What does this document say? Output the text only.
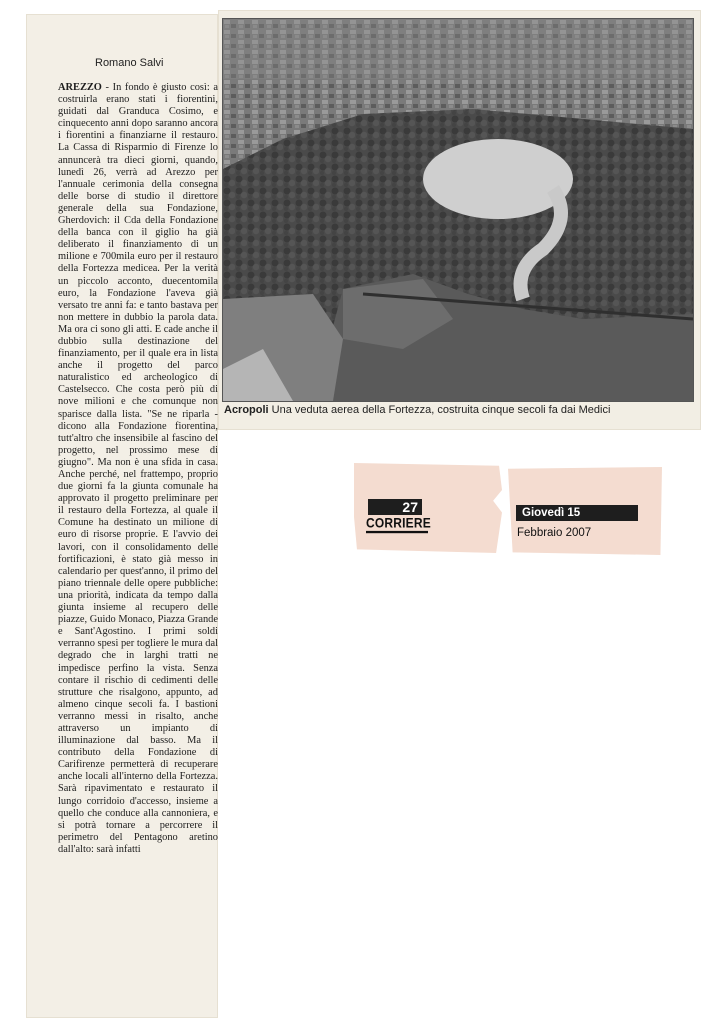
Romano Salvi
AREZZO - In fondo è giusto così: a costruirla erano stati i fiorentini, guidati dal Granduca Cosimo, e cinquecento anni dopo saranno ancora i fiorentini a finanziarne il restauro. La Cassa di Risparmio di Firenze lo annuncerà tra dieci giorni, quando, lunedì 26, verrà ad Arezzo per l'annuale cerimonia della consegna delle borse di studio il direttore generale della sua Fondazione, Gherdovich: il Cda della Fondazione della banca con il giglio ha già deliberato il finanziamento di un milione e 700mila euro per il restauro della Fortezza medicea. Per la verità un piccolo acconto, duecentomila euro, la Fondazione l'aveva già versato tre anni fa: e tanto bastava per non mettere in dubbio la parola data. Ma ora ci sono gli atti. E cade anche il dubbio sulla destinazione del finanziamento, per il quale era in lista anche il progetto del parco naturalistico ed archeologico di Castelsecco. Che costa però più di nove milioni e che comunque non sparisce dalla lista. "Se ne riparla - dicono alla Fondazione fiorentina, tutt'altro che insensibile al fascino del progetto, nel prossimo mese di giugno". Ma non è una sfida in casa. Anche perché, nel frattempo, proprio due giorni fa la giunta comunale ha approvato il progetto preliminare per il restauro della Fortezza, al quale il Comune ha destinato un milione di euro di risorse proprie. E l'avvio dei lavori, con il consolidamento delle fortificazioni, è stato già messo in calendario per quest'anno, il primo del piano triennale delle opere pubbliche: una priorità, indicata da tempo dalla giunta insieme al recupero delle piazze, Guido Monaco, Piazza Grande e Sant'Agostino. I primi soldi verranno spesi per togliere le mura dal degrado che in larghi tratti ne impedisce perfino la vista. Senza contare il rischio di cedimenti delle strutture che risalgono, appunto, ad almeno cinque secoli fa. I bastioni verranno messi in risalto, anche attraverso un impianto di illuminazione dal basso. Ma il contributo della Fondazione di Carifirenze permetterà di recuperare anche locali all'interno della Fortezza. Sarà ripavimentato e restaurato il lungo corridoio d'accesso, insieme a quello che conduce alla cannoniera, e si potrà tornare a percorrere il perimetro del Pentagono aretino dall'alto: sarà infatti
Acropoli Una veduta aerea della Fortezza, costruita cinque secoli fa dai Medici
27
CORRIERE
Giovedì 15
Febbraio 2007
